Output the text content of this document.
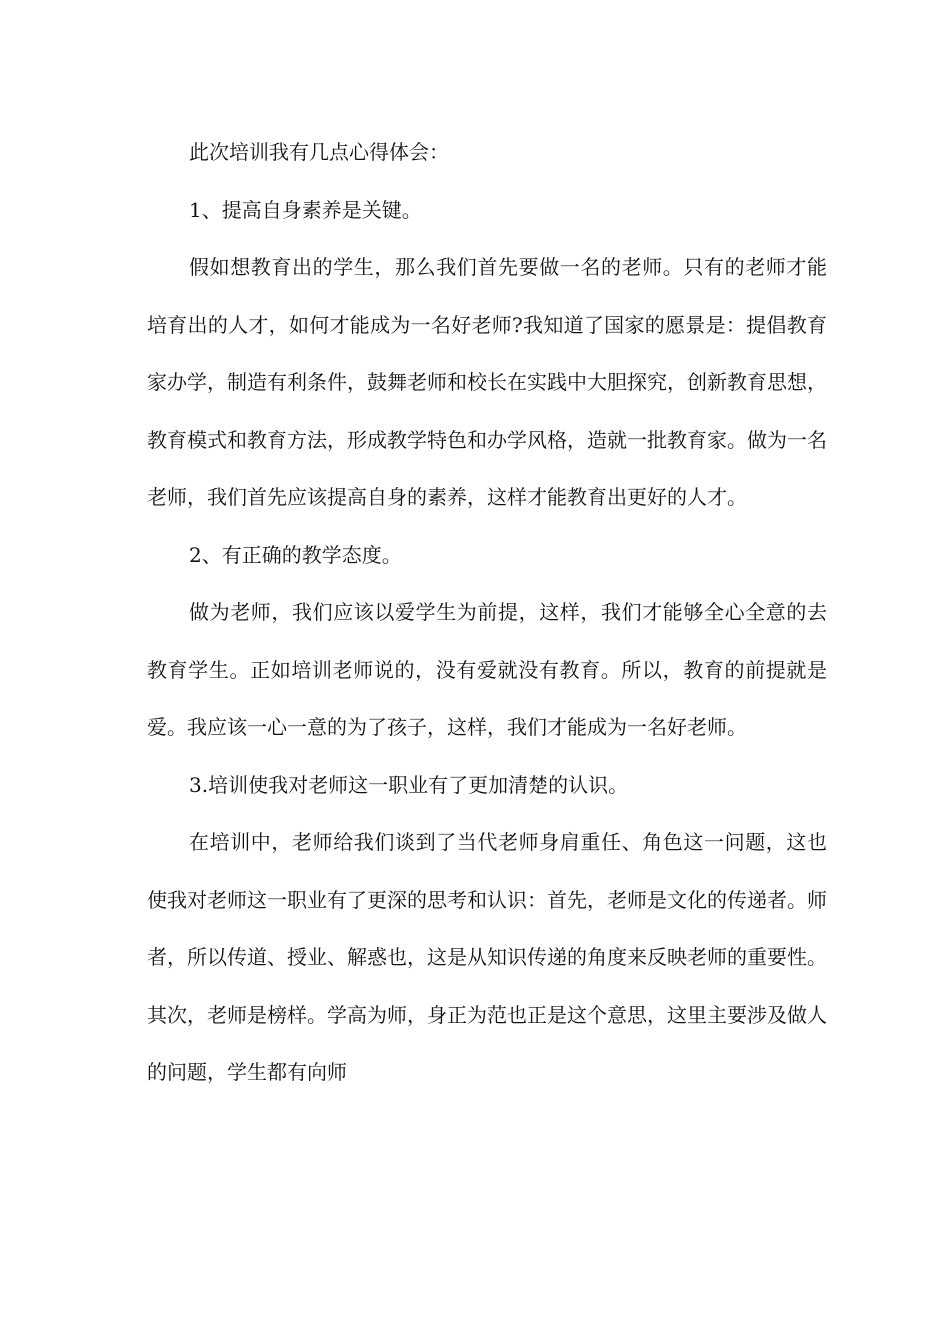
此次培训我有几点心得体会：

1、提高自身素养是关键。

假如想教育出的学生，那么我们首先要做一名的老师。只有的老师才能培育出的人才，如何才能成为一名好老师?我知道了国家的愿景是：提倡教育家办学，制造有利条件，鼓舞老师和校长在实践中大胆探究，创新教育思想，教育模式和教育方法，形成教学特色和办学风格，造就一批教育家。做为一名老师，我们首先应该提高自身的素养，这样才能教育出更好的人才。

2、有正确的教学态度。

做为老师，我们应该以爱学生为前提，这样，我们才能够全心全意的去教育学生。正如培训老师说的，没有爱就没有教育。所以，教育的前提就是爱。我应该一心一意的为了孩子，这样，我们才能成为一名好老师。

3.培训使我对老师这一职业有了更加清楚的认识。

在培训中，老师给我们谈到了当代老师身肩重任、角色这一问题，这也使我对老师这一职业有了更深的思考和认识：首先，老师是文化的传递者。师者，所以传道、授业、解惑也，这是从知识传递的角度来反映老师的重要性。其次，老师是榜样。学高为师，身正为范也正是这个意思，这里主要涉及做人的问题，学生都有向师
